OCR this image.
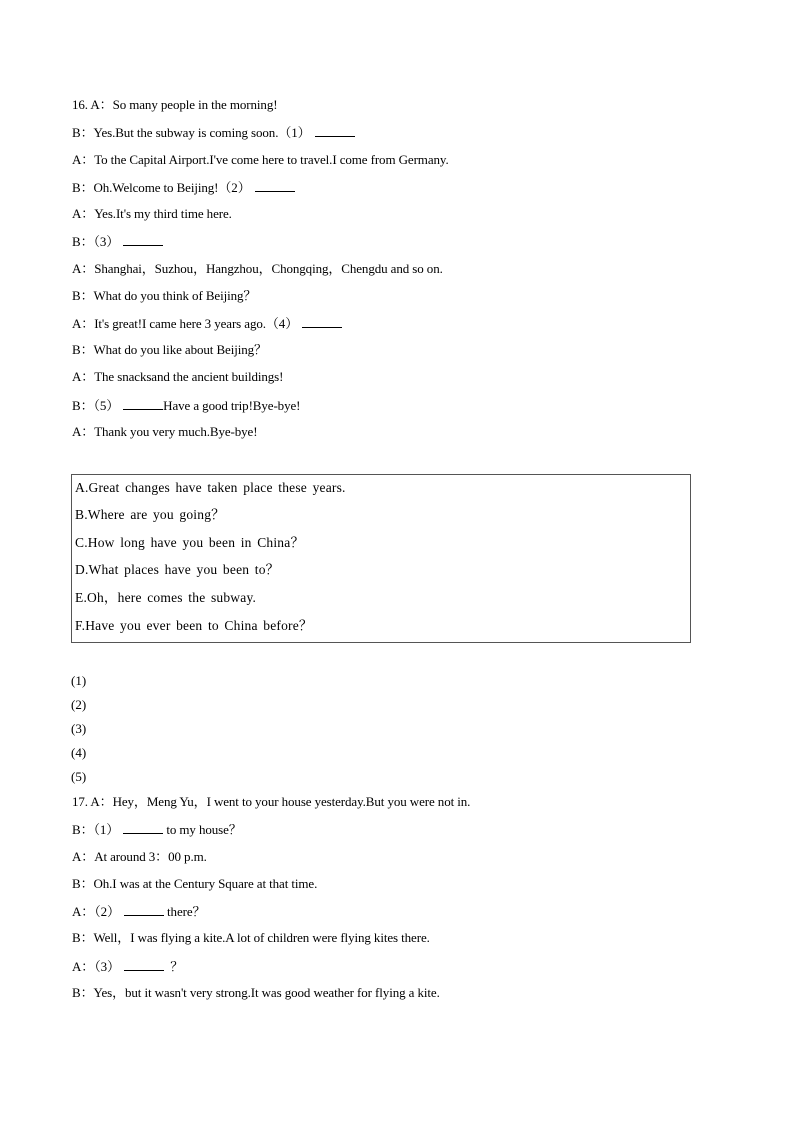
16. A：So many people in the morning!
B：Yes.But the subway is coming soon.（1）
A：To the Capital Airport.I've come here to travel.I come from Germany.
B：Oh.Welcome to Beijing!（2）
A：Yes.It's my third time here.
B：（3）
A：Shanghai，Suzhou，Hangzhou，Chongqing，Chengdu and so on.
B：What do you think of Beijing？
A：It's great!I came here 3 years ago.（4）
B：What do you like about Beijing？
A：The snacksand the ancient buildings!
B：（5）	Have a good trip!Bye-bye!
A：Thank you very much.Bye-bye!
A.Great changes have taken place these years.
B.Where are you going？
C.How long have you been in China？
D.What places have you been to？
E.Oh，here comes the subway.
F.Have you ever been to China before？
(1)
(2)
(3)
(4)
(5)
17. A：Hey，Meng Yu，I went to your house yesterday.But you were not in.
B：（1）	to my house？
A：At around 3：00 p.m.
B：Oh.I was at the Century Square at that time.
A：（2）	there？
B：Well，I was flying a kite.A lot of children were flying kites there.
A：（3）	？
B：Yes，but it wasn't very strong.It was good weather for flying a kite.
